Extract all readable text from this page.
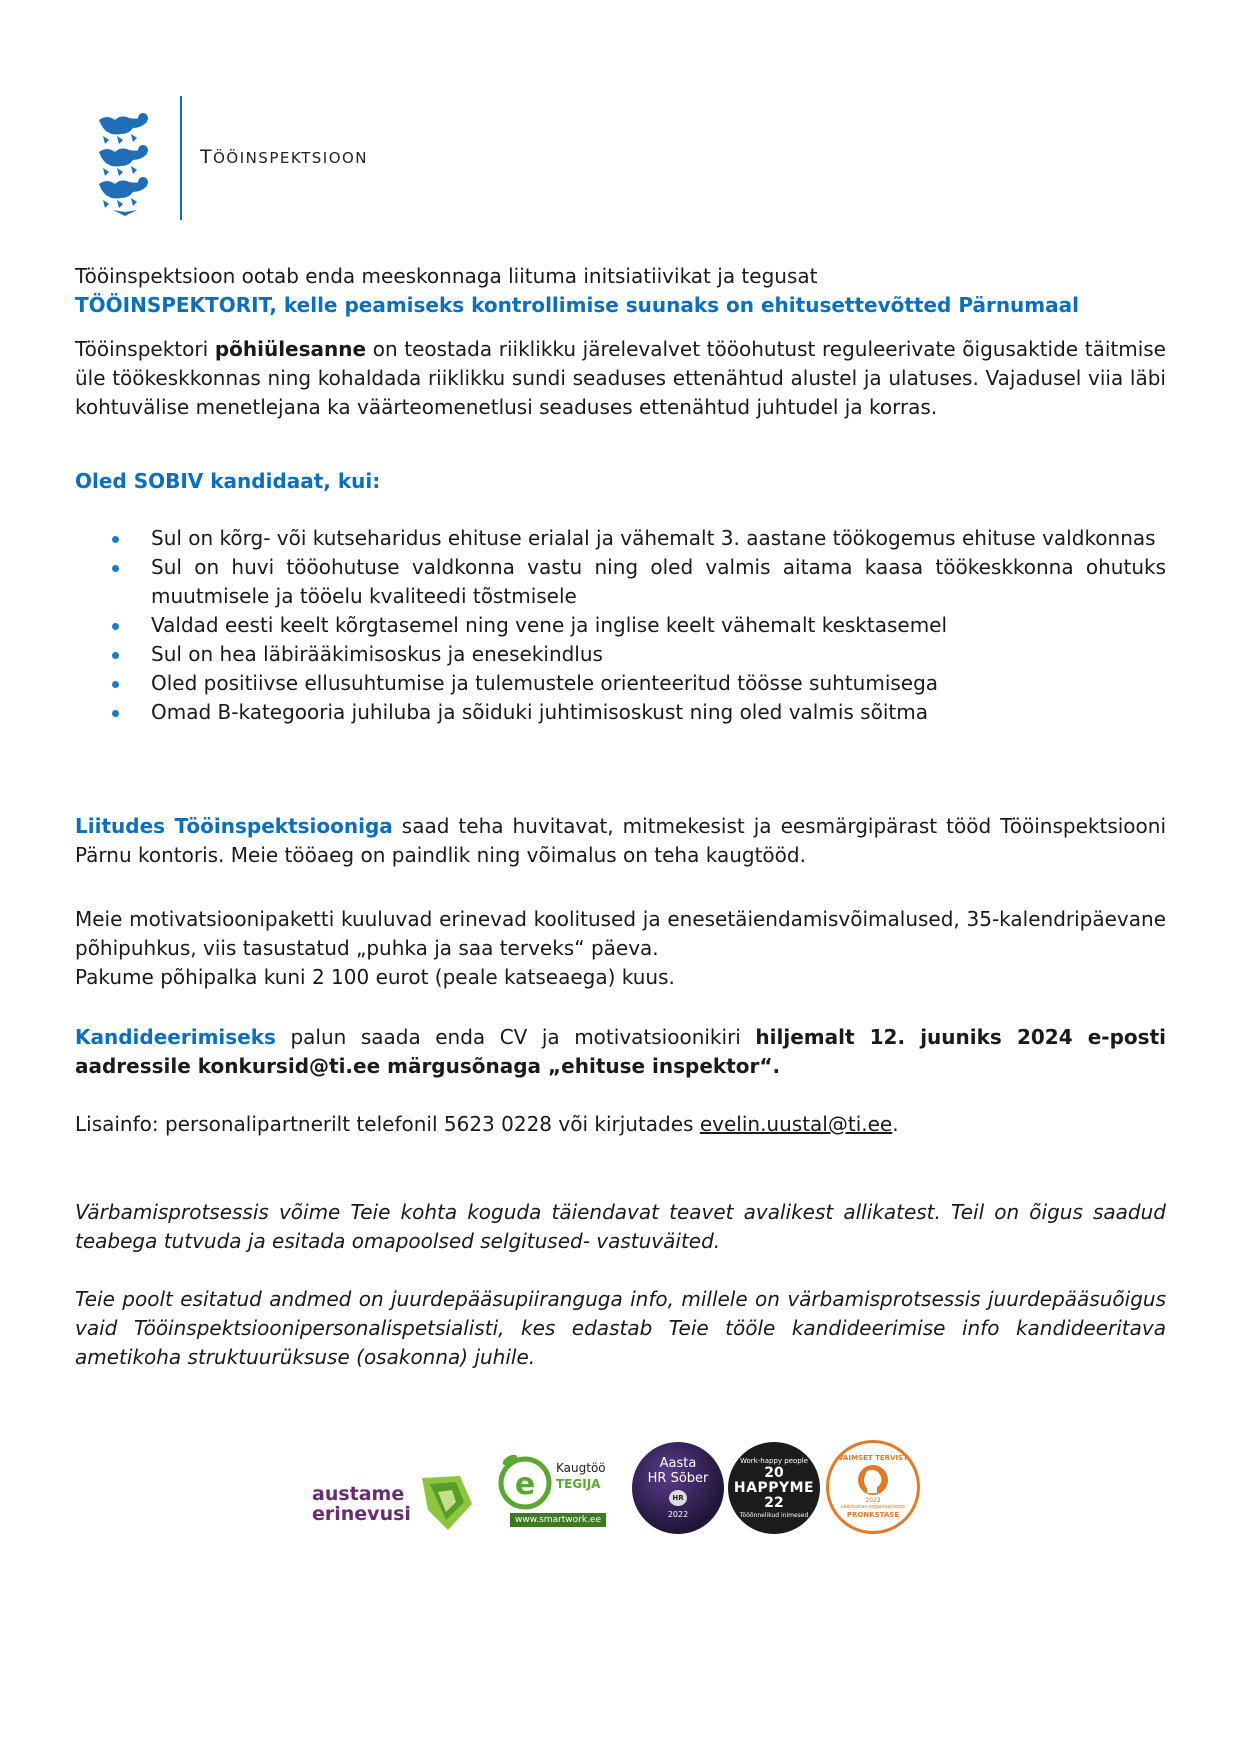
TÖÖINSPEKTSIOON

Tööinspektsioon ootab enda meeskonnaga liituma initsiatiivikat ja tegusat
TÖÖINSPEKTORIT, kelle peamiseks kontrollimise suunaks on ehitusettevõtted Pärnumaal

Tööinspektori põhiülesanne on teostada riiklikku järelevalvet tööohutust reguleerivate õigusaktide täitmise üle töökeskkonnas ning kohaldada riiklikku sundi seaduses ettenähtud alustel ja ulatuses. Vajadusel viia läbi kohtuvälise menetlejana ka väärteomenetlusi seaduses ettenähtud juhtudel ja korras.

Oled SOBIV kandidaat, kui:

Sul on kõrg- või kutseharidus ehituse erialal ja vähemalt 3. aastane töökogemus ehituse valdkonnas
Sul on huvi tööohutuse valdkonna vastu ning oled valmis aitama kaasa töökeskkonna ohutuks muutmisele ja tööelu kvaliteedi tõstmisele
Valdad eesti keelt kõrgtasemel ning vene ja inglise keelt vähemalt kesktasemel
Sul on hea läbirääkimisoskus ja enesekindlus
Oled positiivse ellusuhtumise ja tulemustele orienteeritud töösse suhtumisega
Omad B-kategooria juhiluba ja sõiduki juhtimisoskust ning oled valmis sõitma

Liitudes Tööinspektsiooniga saad teha huvitavat, mitmekesist ja eesmärgipärast tööd Tööinspektsiooni Pärnu kontoris. Meie tööaeg on paindlik ning võimalus on teha kaugtööd.

Meie motivatsioonipaketti kuuluvad erinevad koolitused ja enesetäiendamisvõimalused, 35-kalendripäevane põhipuhkus, viis tasustatud „puhka ja saa terveks“ päeva.

Pakume põhipalka kuni 2 100 eurot (peale katseaega) kuus.

Kandideerimiseks palun saada enda CV ja motivatsioonikiri hiljemalt 12. juuniks 2024 e-posti aadressile konkursid@ti.ee märgusõnaga „ehituse inspektor“.

Lisainfo: personalipartnerilt telefonil 5623 0228 või kirjutades evelin.uustal@ti.ee.

Värbamisprotsessis võime Teie kohta koguda täiendavat teavet avalikest allikatest. Teil on õigus saadud teabega tutvuda ja esitada omapoolsed selgitused- vastuväited.

Teie poolt esitatud andmed on juurdepääsupiiranguga info, millele on värbamisprotsessis juurdepääsuõigus vaid Tööinspektsioonipersonalispetsialisti, kes edastab Teie tööle kandideerimise info kandideeritava ametikoha struktuurüksuse (osakonna) juhile.

austame
erinevusi
e Kaugtöö
TEGIJA
www.smartwork.ee
Aasta
HR Sõber
HR
2022
Work-happy people
20
HAPPYME
22
Tööõnnelikud inimesed
VAIMSET TERVIST
2023
väärtustav organisatsioon
PRONKSTASE
